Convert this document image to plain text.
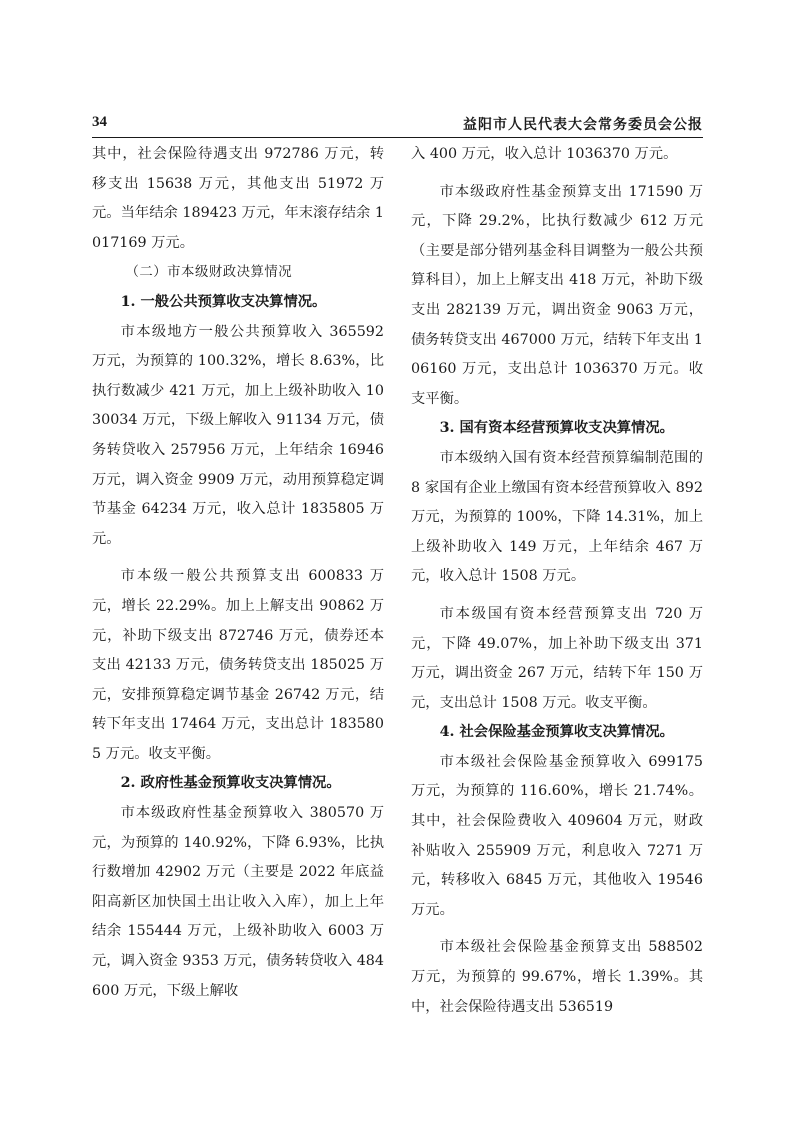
34	益阳市人民代表大会常务委员会公报

其中，社会保险待遇支出 972786 万元，转移支出 15638 万元，其他支出 51972 万元。当年结余 189423 万元，年末滚存结余 1017169 万元。

（二）市本级财政决算情况
1. 一般公共预算收支决算情况。

市本级地方一般公共预算收入 365592 万元，为预算的 100.32%，增长 8.63%，比执行数减少 421 万元，加上上级补助收入 1030034 万元，下级上解收入 91134 万元，债务转贷收入 257956 万元，上年结余 16946 万元，调入资金 9909 万元，动用预算稳定调节基金 64234 万元，收入总计 1835805 万元。

市本级一般公共预算支出 600833 万元，增长 22.29%。加上上解支出 90862 万元，补助下级支出 872746 万元，债券还本支出 42133 万元，债务转贷支出 185025 万元，安排预算稳定调节基金 26742 万元，结转下年支出 17464 万元，支出总计 1835805 万元。收支平衡。

2. 政府性基金预算收支决算情况。

市本级政府性基金预算收入 380570 万元，为预算的 140.92%，下降 6.93%，比执行数增加 42902 万元（主要是 2022 年底益阳高新区加快国土出让收入入库），加上上年结余 155444 万元，上级补助收入 6003 万元，调入资金 9353 万元，债务转贷收入 484600 万元，下级上解收

入 400 万元，收入总计 1036370 万元。

市本级政府性基金预算支出 171590 万元，下降 29.2%，比执行数减少 612 万元（主要是部分错列基金科目调整为一般公共预算科目），加上上解支出 418 万元，补助下级支出 282139 万元，调出资金 9063 万元，债务转贷支出 467000 万元，结转下年支出 106160 万元，支出总计 1036370 万元。收支平衡。

3. 国有资本经营预算收支决算情况。

市本级纳入国有资本经营预算编制范围的 8 家国有企业上缴国有资本经营预算收入 892 万元，为预算的 100%，下降 14.31%，加上上级补助收入 149 万元，上年结余 467 万元，收入总计 1508 万元。

市本级国有资本经营预算支出 720 万元，下降 49.07%，加上补助下级支出 371 万元，调出资金 267 万元，结转下年 150 万元，支出总计 1508 万元。收支平衡。

4. 社会保险基金预算收支决算情况。

市本级社会保险基金预算收入 699175 万元，为预算的 116.60%，增长 21.74%。其中，社会保险费收入 409604 万元，财政补贴收入 255909 万元，利息收入 7271 万元，转移收入 6845 万元，其他收入 19546 万元。

市本级社会保险基金预算支出 588502 万元，为预算的 99.67%，增长 1.39%。其中，社会保险待遇支出 536519
